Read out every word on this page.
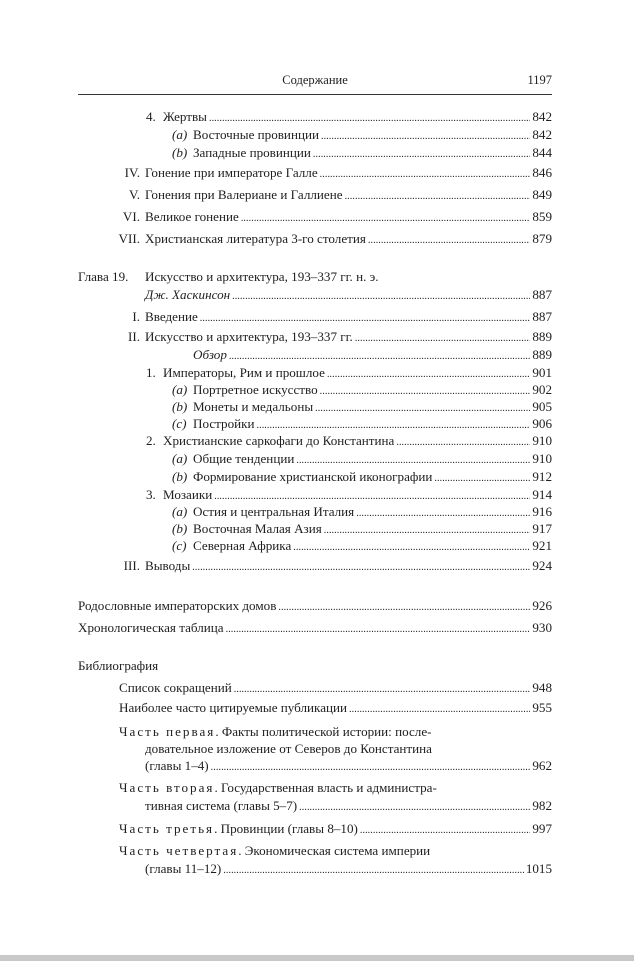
Содержание	1197
4. Жертвы . . .	842
(a) Восточные провинции . . .	842
(b) Западные провинции . . .	844
IV. Гонение при императоре Галле . . .	846
V. Гонения при Валериане и Галлиене . . .	849
VI. Великое гонение . . .	859
VII. Христианская литература 3-го столетия . . .	879
Глава 19.	Искусство и архитектура, 193–337 гг. н. э.
Дж. Хаскинсон . . .	887
I. Введение . . .	887
II. Искусство и архитектура, 193–337 гг. . . .	889
Обзор . . .	889
1. Императоры, Рим и прошлое . . .	901
(a) Портретное искусство . . .	902
(b) Монеты и медальоны . . .	905
(c) Постройки . . .	906
2. Христианские саркофаги до Константина . . .	910
(a) Общие тенденции . . .	910
(b) Формирование христианской иконографии . . .	912
3. Мозаики . . .	914
(a) Остия и центральная Италия . . .	916
(b) Восточная Малая Азия . . .	917
(c) Северная Африка . . .	921
III. Выводы . . .	924
Родословные императорских домов . . .	926
Хронологическая таблица . . .	930
Библиография
Список сокращений . . .	948
Наиболее часто цитируемые публикации . . .	955
Часть первая . Факты политической истории: после-
довательное изложение от Северов до Константина
(главы 1–4) . . .	962
Часть вторая . Государственная власть и администра-
тивная система (главы 5–7) . . .	982
Часть третья . Провинции (главы 8–10) . . .	997
Часть четвертая . Экономическая система империи
(главы 11–12) . . .	1015
